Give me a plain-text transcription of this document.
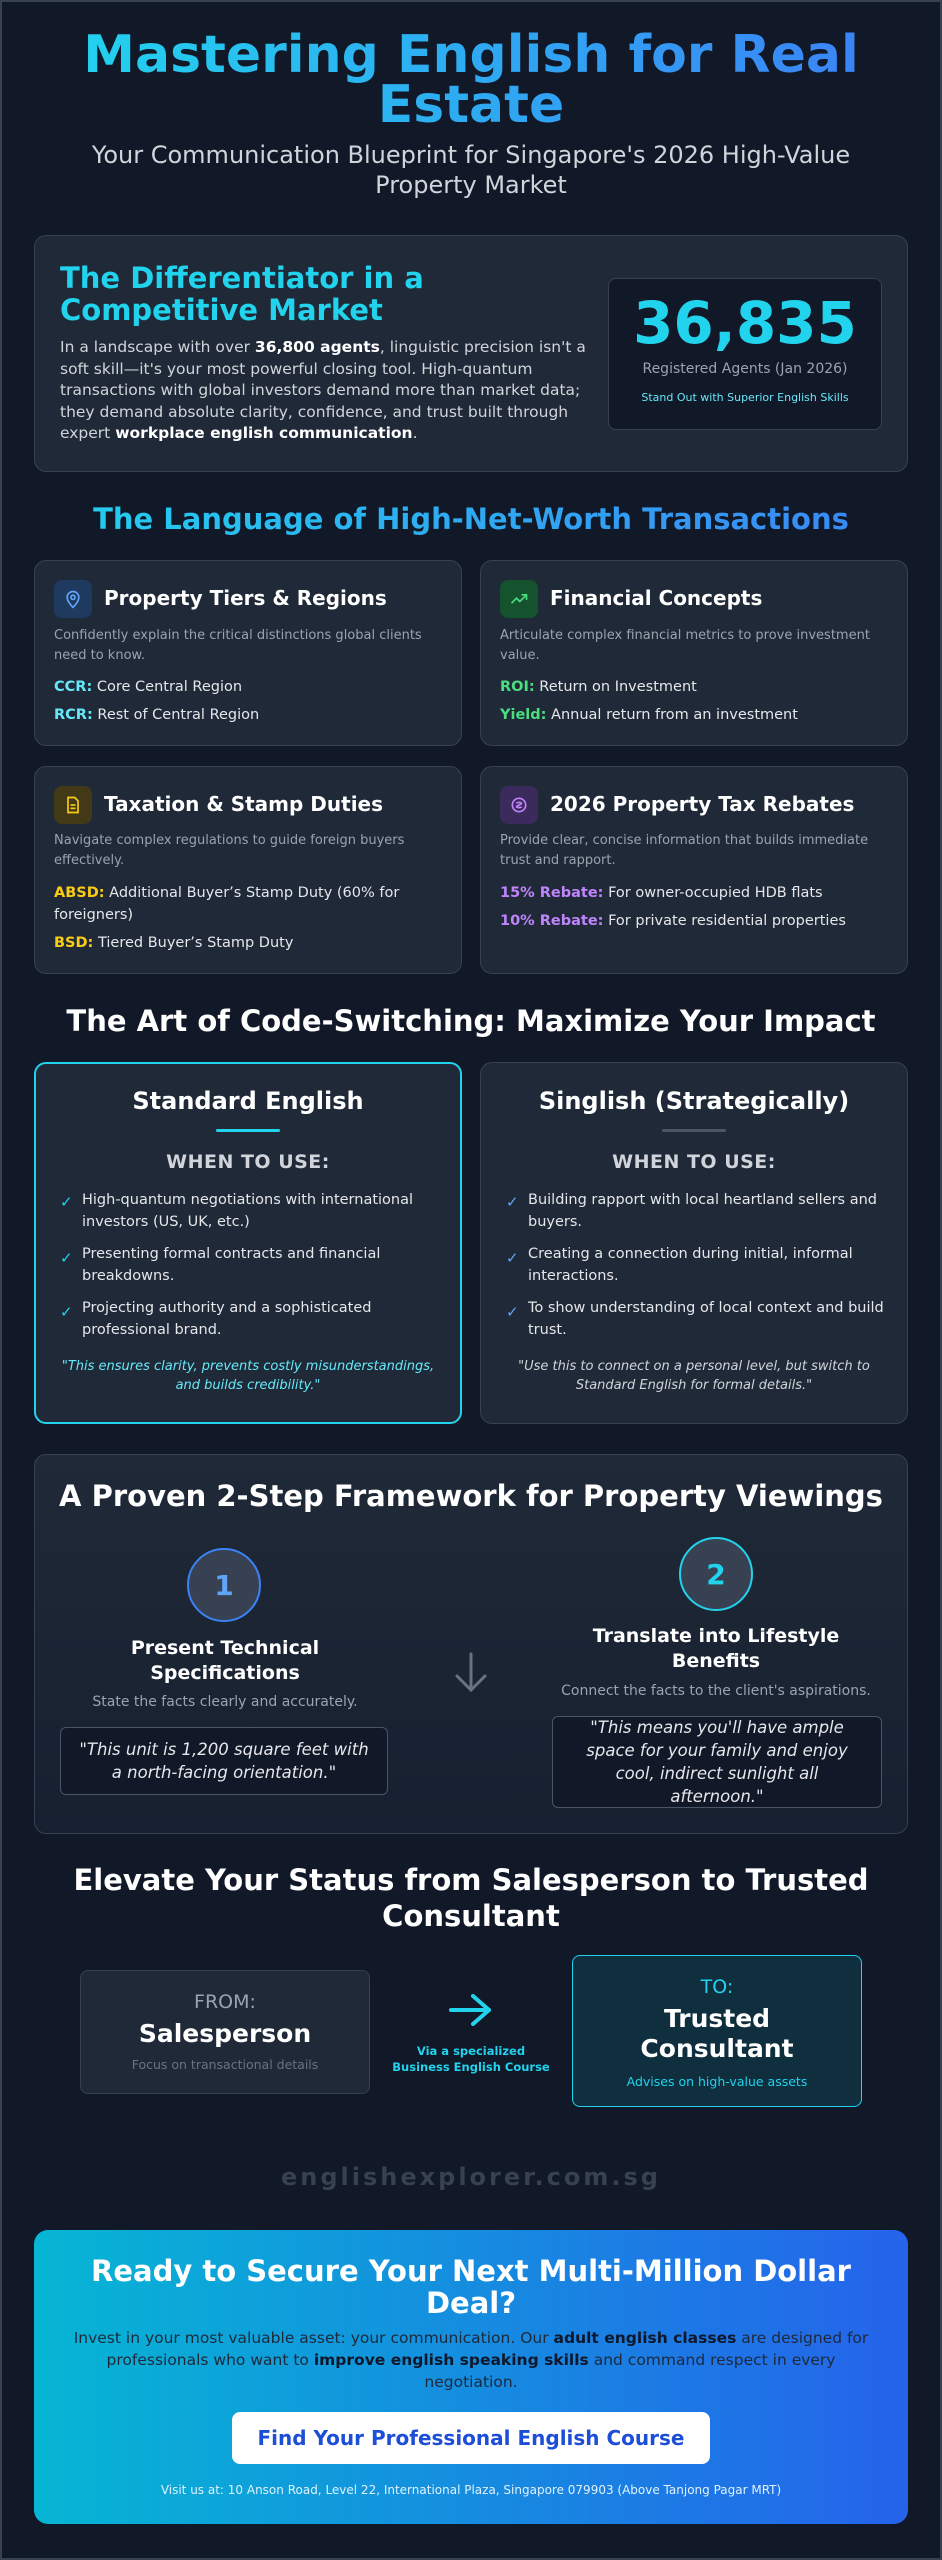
Mastering English for Real Estate

Your Communication Blueprint for Singapore's 2026 High-Value Property Market

The Differentiator in a Competitive Market

In a landscape with over 36,800 agents, linguistic precision isn't a soft skill—it's your most powerful closing tool. High-quantum transactions with global investors demand more than market data; they demand absolute clarity, confidence, and trust built through expert workplace english communication.

36,835
Registered Agents (Jan 2026)
Stand Out with Superior English Skills
The Language of High-Net-Worth Transactions
Property Tiers & Regions
Confidently explain the critical distinctions global clients need to know.
CCR: Core Central Region
RCR: Rest of Central Region
Financial Concepts
Articulate complex financial metrics to prove investment value.
ROI: Return on Investment
Yield: Annual return from an investment
Taxation & Stamp Duties
Navigate complex regulations to guide foreign buyers effectively.
ABSD: Additional Buyer’s Stamp Duty (60% for foreigners)
BSD: Tiered Buyer’s Stamp Duty
2026 Property Tax Rebates
Provide clear, concise information that builds immediate trust and rapport.
15% Rebate: For owner-occupied HDB flats
10% Rebate: For private residential properties
The Art of Code-Switching: Maximize Your Impact
Standard English
WHEN TO USE:
✓ High-quantum negotiations with international investors (US, UK, etc.)
✓ Presenting formal contracts and financial breakdowns.
✓ Projecting authority and a sophisticated professional brand.
"This ensures clarity, prevents costly misunderstandings, and builds credibility."
Singlish (Strategically)
WHEN TO USE:
✓ Building rapport with local heartland sellers and buyers.
✓ Creating a connection during initial, informal interactions.
✓ To show understanding of local context and build trust.
"Use this to connect on a personal level, but switch to Standard English for formal details."
A Proven 2-Step Framework for Property Viewings
1
Present Technical Specifications
State the facts clearly and accurately.
"This unit is 1,200 square feet with a north-facing orientation."
2
Translate into Lifestyle Benefits
Connect the facts to the client's aspirations.
"This means you'll have ample space for your family and enjoy cool, indirect sunlight all afternoon."
Elevate Your Status from Salesperson to Trusted Consultant
FROM:
Salesperson
Focus on transactional details
Via a specialized
Business English Course
TO:
Trusted Consultant
Advises on high-value assets
englishexplorer.com.sg
Ready to Secure Your Next Multi-Million Dollar Deal?

Invest in your most valuable asset: your communication. Our adult english classes are designed for professionals who want to improve english speaking skills and command respect in every negotiation.

Find Your Professional English Course

Visit us at: 10 Anson Road, Level 22, International Plaza, Singapore 079903 (Above Tanjong Pagar MRT)
